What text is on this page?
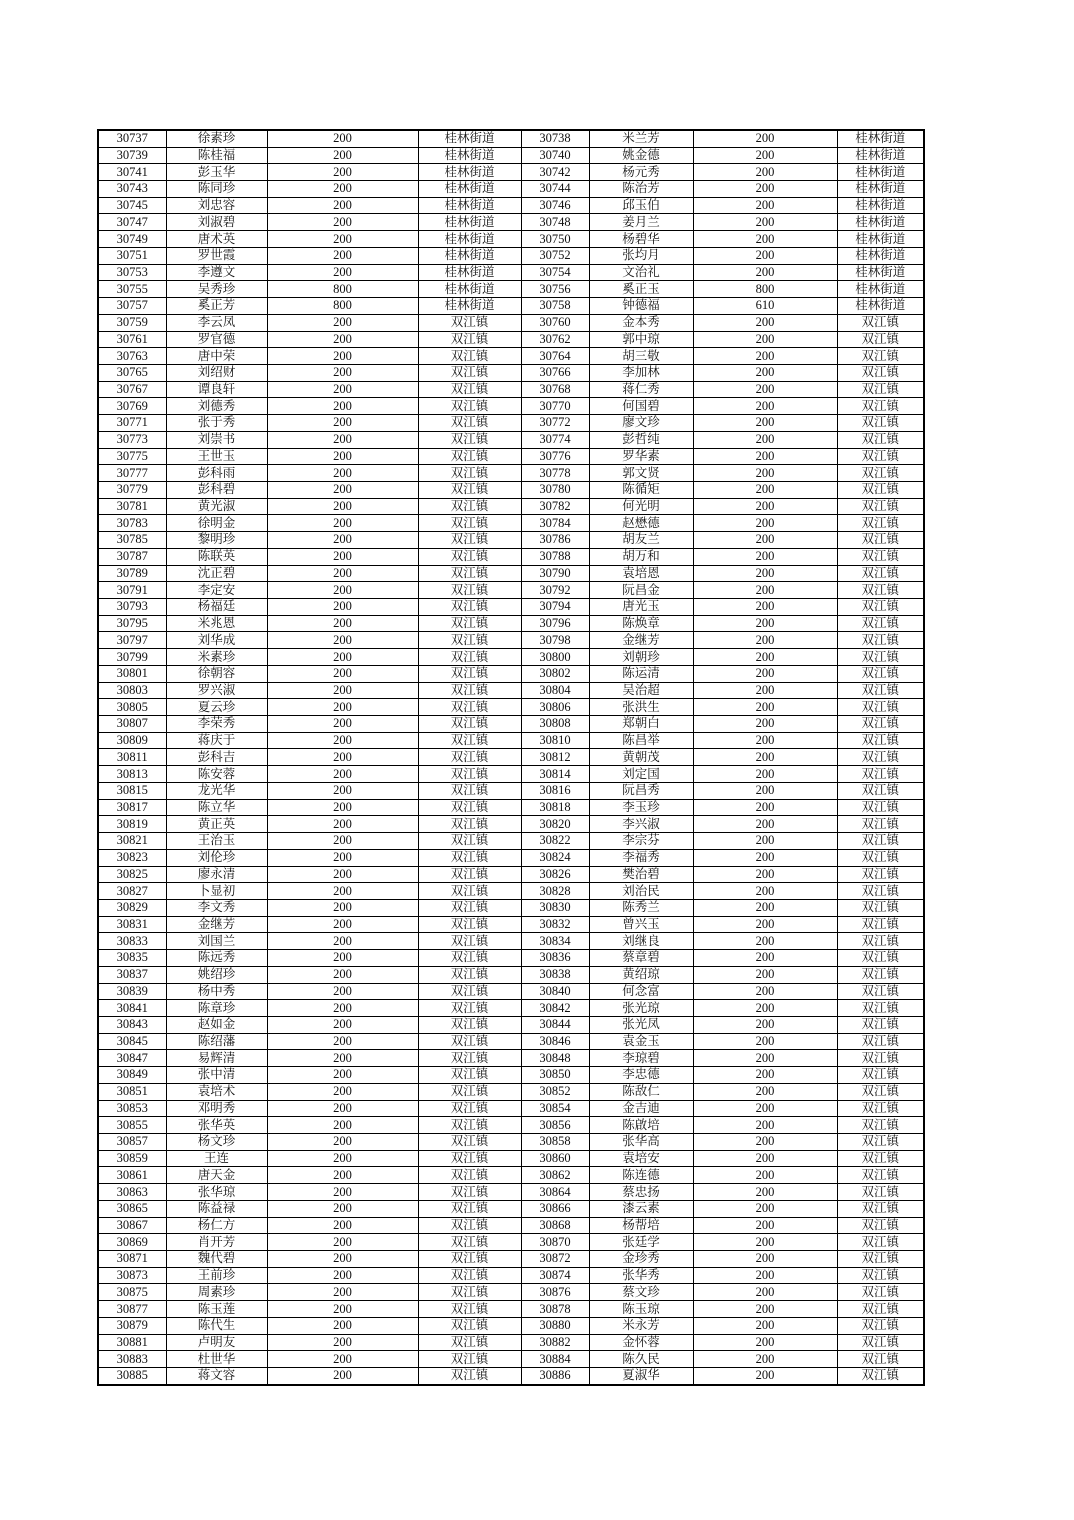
30737	徐素珍	200	桂林街道	30738	米兰芳	200	桂林街道
30739	陈桂福	200	桂林街道	30740	姚金德	200	桂林街道
30741	彭玉华	200	桂林街道	30742	杨元秀	200	桂林街道
30743	陈同珍	200	桂林街道	30744	陈治芳	200	桂林街道
30745	刘忠容	200	桂林街道	30746	邱玉伯	200	桂林街道
30747	刘淑碧	200	桂林街道	30748	姜月兰	200	桂林街道
30749	唐术英	200	桂林街道	30750	杨碧华	200	桂林街道
30751	罗世霞	200	桂林街道	30752	张均月	200	桂林街道
30753	李遵文	200	桂林街道	30754	文治礼	200	桂林街道
30755	吴秀珍	800	桂林街道	30756	奚正玉	800	桂林街道
30757	奚正芳	800	桂林街道	30758	钟德福	610	桂林街道
30759	李云凤	200	双江镇	30760	金本秀	200	双江镇
30761	罗官德	200	双江镇	30762	郭中琼	200	双江镇
30763	唐中荣	200	双江镇	30764	胡三敬	200	双江镇
30765	刘绍财	200	双江镇	30766	李加林	200	双江镇
30767	谭良轩	200	双江镇	30768	蒋仁秀	200	双江镇
30769	刘德秀	200	双江镇	30770	何国碧	200	双江镇
30771	张于秀	200	双江镇	30772	廖文珍	200	双江镇
30773	刘崇书	200	双江镇	30774	彭哲纯	200	双江镇
30775	王世玉	200	双江镇	30776	罗华素	200	双江镇
30777	彭科雨	200	双江镇	30778	郭文贤	200	双江镇
30779	彭科碧	200	双江镇	30780	陈循矩	200	双江镇
30781	黄光淑	200	双江镇	30782	何光明	200	双江镇
30783	徐明金	200	双江镇	30784	赵懋德	200	双江镇
30785	黎明珍	200	双江镇	30786	胡友兰	200	双江镇
30787	陈联英	200	双江镇	30788	胡万和	200	双江镇
30789	沈正碧	200	双江镇	30790	袁培恩	200	双江镇
30791	李定安	200	双江镇	30792	阮昌金	200	双江镇
30793	杨福廷	200	双江镇	30794	唐光玉	200	双江镇
30795	米兆恩	200	双江镇	30796	陈焕章	200	双江镇
30797	刘华成	200	双江镇	30798	金继芳	200	双江镇
30799	米素珍	200	双江镇	30800	刘朝珍	200	双江镇
30801	徐朝容	200	双江镇	30802	陈运清	200	双江镇
30803	罗兴淑	200	双江镇	30804	吴治超	200	双江镇
30805	夏云珍	200	双江镇	30806	张洪生	200	双江镇
30807	李荣秀	200	双江镇	30808	郑朝白	200	双江镇
30809	蒋庆于	200	双江镇	30810	陈昌举	200	双江镇
30811	彭科吉	200	双江镇	30812	黄朝茂	200	双江镇
30813	陈安蓉	200	双江镇	30814	刘定国	200	双江镇
30815	龙光华	200	双江镇	30816	阮昌秀	200	双江镇
30817	陈立华	200	双江镇	30818	李玉珍	200	双江镇
30819	黄正英	200	双江镇	30820	李兴淑	200	双江镇
30821	王治玉	200	双江镇	30822	李宗芬	200	双江镇
30823	刘伦珍	200	双江镇	30824	李福秀	200	双江镇
30825	廖永清	200	双江镇	30826	樊治碧	200	双江镇
30827	卜显初	200	双江镇	30828	刘治民	200	双江镇
30829	李文秀	200	双江镇	30830	陈秀兰	200	双江镇
30831	金继芳	200	双江镇	30832	曾兴玉	200	双江镇
30833	刘国兰	200	双江镇	30834	刘继良	200	双江镇
30835	陈远秀	200	双江镇	30836	蔡章碧	200	双江镇
30837	姚绍珍	200	双江镇	30838	黄绍琼	200	双江镇
30839	杨中秀	200	双江镇	30840	何念富	200	双江镇
30841	陈章珍	200	双江镇	30842	张光琼	200	双江镇
30843	赵如金	200	双江镇	30844	张光凤	200	双江镇
30845	陈绍藩	200	双江镇	30846	袁金玉	200	双江镇
30847	易辉清	200	双江镇	30848	李琼碧	200	双江镇
30849	张中清	200	双江镇	30850	李忠德	200	双江镇
30851	袁培术	200	双江镇	30852	陈敌仁	200	双江镇
30853	邓明秀	200	双江镇	30854	金吉迪	200	双江镇
30855	张华英	200	双江镇	30856	陈啟培	200	双江镇
30857	杨文珍	200	双江镇	30858	张华高	200	双江镇
30859	王连	200	双江镇	30860	袁培安	200	双江镇
30861	唐天金	200	双江镇	30862	陈连德	200	双江镇
30863	张华琼	200	双江镇	30864	蔡忠扬	200	双江镇
30865	陈益禄	200	双江镇	30866	漆云素	200	双江镇
30867	杨仁方	200	双江镇	30868	杨帮培	200	双江镇
30869	肖开芳	200	双江镇	30870	张廷学	200	双江镇
30871	魏代碧	200	双江镇	30872	金珍秀	200	双江镇
30873	王前珍	200	双江镇	30874	张华秀	200	双江镇
30875	周素珍	200	双江镇	30876	蔡文珍	200	双江镇
30877	陈玉莲	200	双江镇	30878	陈玉琼	200	双江镇
30879	陈代生	200	双江镇	30880	米永芳	200	双江镇
30881	卢明友	200	双江镇	30882	金怀蓉	200	双江镇
30883	杜世华	200	双江镇	30884	陈久民	200	双江镇
30885	蒋文容	200	双江镇	30886	夏淑华	200	双江镇
